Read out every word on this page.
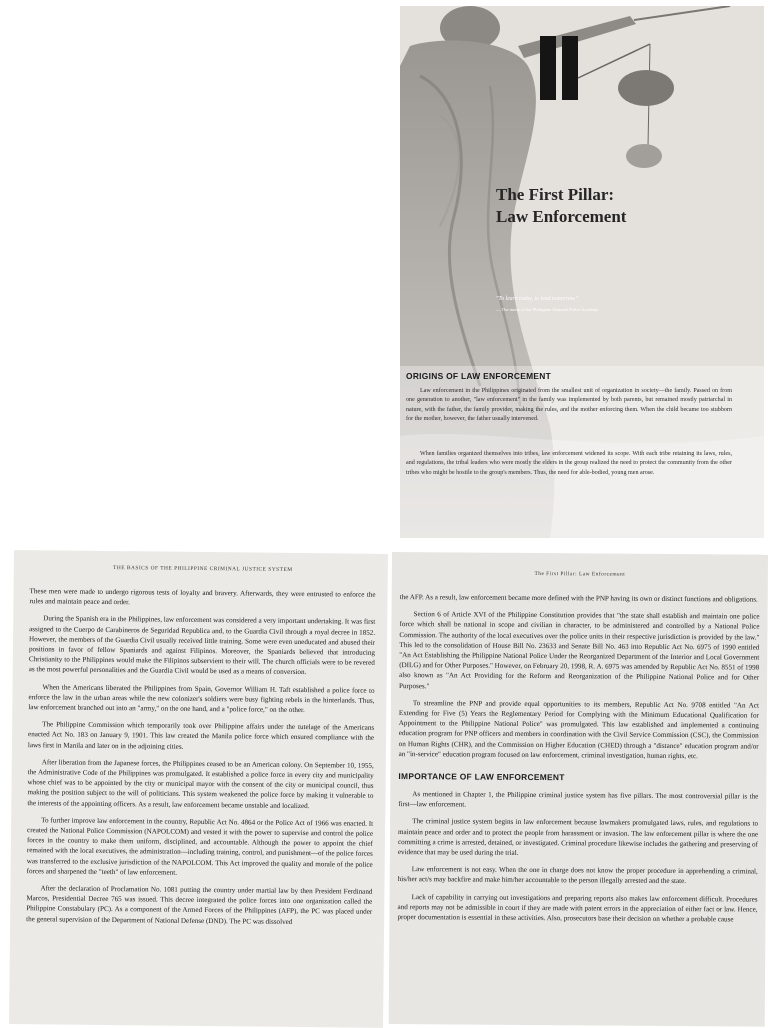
The First Pillar:
Law Enforcement
"To learn today, to lead tomorrow."
— The motto of the Philippine National Police Academy
ORIGINS OF LAW ENFORCEMENT

Law enforcement in the Philippines originated from the smallest unit of organization in society—the family. Passed on from one generation to another, "law enforcement" in the family was implemented by both parents, but remained mostly patriarchal in nature, with the father, the family provider, making the rules, and the mother enforcing them. When the child became too stubborn for the mother, however, the father usually intervened.

When families organized themselves into tribes, law enforcement widened its scope. With each tribe retaining its laws, rules, and regulations, the tribal leaders who were mostly the elders in the group realized the need to protect the community from the other tribes who might be hostile to the group's members. Thus, the need for able-bodied, young men arose.

THE BASICS OF THE PHILIPPINE CRIMINAL JUSTICE SYSTEM

These men were made to undergo rigorous tests of loyalty and bravery. Afterwards, they were entrusted to enforce the rules and maintain peace and order.

During the Spanish era in the Philippines, law enforcement was considered a very important undertaking. It was first assigned to the Cuerpo de Carabineros de Seguridad Republica and, to the Guardia Civil through a royal decree in 1852. However, the members of the Guardia Civil usually received little training. Some were even uneducated and abused their positions in favor of fellow Spaniards and against Filipinos. Moreover, the Spaniards believed that introducing Christianity to the Philippines would make the Filipinos subservient to their will. The church officials were to be revered as the most powerful personalities and the Guardia Civil would be used as a means of conversion.

When the Americans liberated the Philippines from Spain, Governor William H. Taft established a police force to enforce the law in the urban areas while the new colonizer's soldiers were busy fighting rebels in the hinterlands. Thus, law enforcement branched out into an "army," on the one hand, and a "police force," on the other.

The Philippine Commission which temporarily took over Philippine affairs under the tutelage of the Americans enacted Act No. 183 on January 9, 1901. This law created the Manila police force which ensured compliance with the laws first in Manila and later on in the adjoining cities.

After liberation from the Japanese forces, the Philippines ceased to be an American colony. On September 10, 1955, the Administrative Code of the Philippines was promulgated. It established a police force in every city and municipality whose chief was to be appointed by the city or municipal mayor with the consent of the city or municipal council, thus making the position subject to the will of politicians. This system weakened the police force by making it vulnerable to the interests of the appointing officers. As a result, law enforcement became unstable and localized.

To further improve law enforcement in the country, Republic Act No. 4864 or the Police Act of 1966 was enacted. It created the National Police Commission (NAPOLCOM) and vested it with the power to supervise and control the police forces in the country to make them uniform, disciplined, and accountable. Although the power to appoint the chief remained with the local executives, the administration—including training, control, and punishment—of the police forces was transferred to the exclusive jurisdiction of the NAPOLCOM. This Act improved the quality and morale of the police forces and sharpened the "teeth" of law enforcement.

After the declaration of Proclamation No. 1081 putting the country under martial law by then President Ferdinand Marcos, Presidential Decree 765 was issued. This decree integrated the police forces into one organization called the Philippine Constabulary (PC). As a component of the Armed Forces of the Philippines (AFP), the PC was placed under the general supervision of the Department of National Defense (DND). The PC was dissolved

The First Pillar: Law Enforcement

the AFP. As a result, law enforcement became more defined with the PNP having its own or distinct functions and obligations.

Section 6 of Article XVI of the Philippine Constitution provides that "the state shall establish and maintain one police force which shall be national in scope and civilian in character, to be administered and controlled by a National Police Commission. The authority of the local executives over the police units in their respective jurisdiction is provided by the law." This led to the consolidation of House Bill No. 23633 and Senate Bill No. 463 into Republic Act No. 6975 of 1990 entitled "An Act Establishing the Philippine National Police Under the Reorganized Department of the Interior and Local Government (DILG) and for Other Purposes." However, on February 20, 1998, R. A. 6975 was amended by Republic Act No. 8551 of 1998 also known as "An Act Providing for the Reform and Reorganization of the Philippine National Police and for Other Purposes."

To streamline the PNP and provide equal opportunities to its members, Republic Act No. 9708 entitled "An Act Extending for Five (5) Years the Reglementary Period for Complying with the Minimum Educational Qualification for Appointment to the Philippine National Police" was promulgated. This law established and implemented a continuing education program for PNP officers and members in coordination with the Civil Service Commission (CSC), the Commission on Human Rights (CHR), and the Commission on Higher Education (CHED) through a "distance" education program and/or an "in-service" education program focused on law enforcement, criminal investigation, human rights, etc.

IMPORTANCE OF LAW ENFORCEMENT

As mentioned in Chapter 1, the Philippine criminal justice system has five pillars. The most controversial pillar is the first—law enforcement.

The criminal justice system begins in law enforcement because lawmakers promulgated laws, rules, and regulations to maintain peace and order and to protect the people from harassment or invasion. The law enforcement pillar is where the one committing a crime is arrested, detained, or investigated. Criminal procedure likewise includes the gathering and preserving of evidence that may be used during the trial.

Law enforcement is not easy. When the one in charge does not know the proper procedure in apprehending a criminal, his/her act/s may backfire and make him/her accountable to the person illegally arrested and the state.

Lack of capability in carrying out investigations and preparing reports also makes law enforcement difficult. Procedures and reports may not be admissible in court if they are made with patent errors in the appreciation of either fact or law. Hence, proper documentation is essential in these activities. Also, prosecutors base their decision on whether a probable cause
